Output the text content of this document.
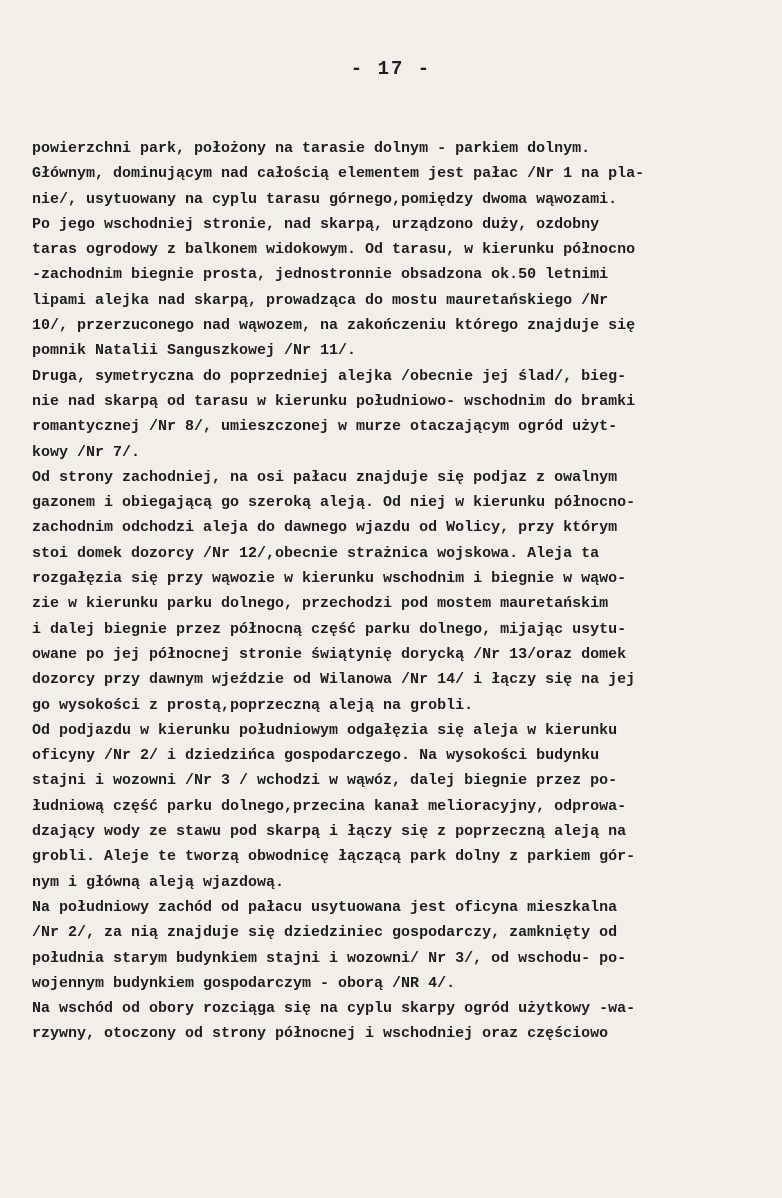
- 17 -
powierzchni park, położony na tarasie dolnym - parkiem dolnym.
Głównym, dominującym nad całością elementem jest pałac /Nr 1 na pla-
nie/, usytuowany na cyplu tarasu górnego,pomiędzy dwoma wąwozami.
Po jego wschodniej stronie, nad skarpą, urządzono duży, ozdobny
taras ogrodowy z balkonem widokowym. Od tarasu, w kierunku północno
-zachodnim biegnie prosta, jednostronnie obsadzona ok.50 letnimi
lipami alejka nad skarpą, prowadząca do mostu mauretańskiego /Nr
10/, przerzuconego nad wąwozem, na zakończeniu którego znajduje się
pomnik Natalii Sanguszkowej /Nr 11/.
Druga, symetryczna do poprzedniej alejka /obecnie jej ślad/, bieg-
nie nad skarpą od tarasu w kierunku południowo- wschodnim do bramki
romantycznej /Nr 8/, umieszczonej w murze otaczającym ogród użyt-
kowy /Nr 7/.
Od strony zachodniej, na osi pałacu znajduje się podjaz z owalnym
gazonem i obiegającą go szeroką aleją. Od niej w kierunku północno-
zachodnim odchodzi aleja do dawnego wjazdu od Wolicy, przy którym
stoi domek dozorcy /Nr 12/,obecnie strażnica wojskowa. Aleja ta
rozgałęzia się przy wąwozie w kierunku wschodnim i biegnie w wąwo-
zie w kierunku parku dolnego, przechodzi pod mostem mauretańskim
i dalej biegnie przez północną część parku dolnego, mijając usytu-
owane po jej północnej stronie świątynię dorycką /Nr 13/oraz domek
dozorcy przy dawnym wjeździe od Wilanowa /Nr 14/ i łączy się na jej
go wysokości z prostą,poprzeczną aleją na grobli.
Od podjazdu w kierunku południowym odgałęzia się aleja w kierunku
oficyny /Nr 2/ i dziedzińca gospodarczego. Na wysokości budynku
stajni i wozowni /Nr 3 / wchodzi w wąwóz, dalej biegnie przez po-
łudniową część parku dolnego,przecina kanał melioracyjny, odprowa-
dzający wody ze stawu pod skarpą i łączy się z poprzeczną aleją na
grobli. Aleje te tworzą obwodnicę łączącą park dolny z parkiem gór-
nym i główną aleją wjazdową.
Na południowy zachód od pałacu usytuowana jest oficyna mieszkalna
/Nr 2/, za nią znajduje się dziedziniec gospodarczy, zamknięty od
południa starym budynkiem stajni i wozowni/ Nr 3/, od wschodu- po-
wojennym budynkiem gospodarczym - oborą /NR 4/.
Na wschód od obory rozciąga się na cyplu skarpy ogród użytkowy -wa-
rzywny, otoczony od strony północnej i wschodniej oraz częściowo
